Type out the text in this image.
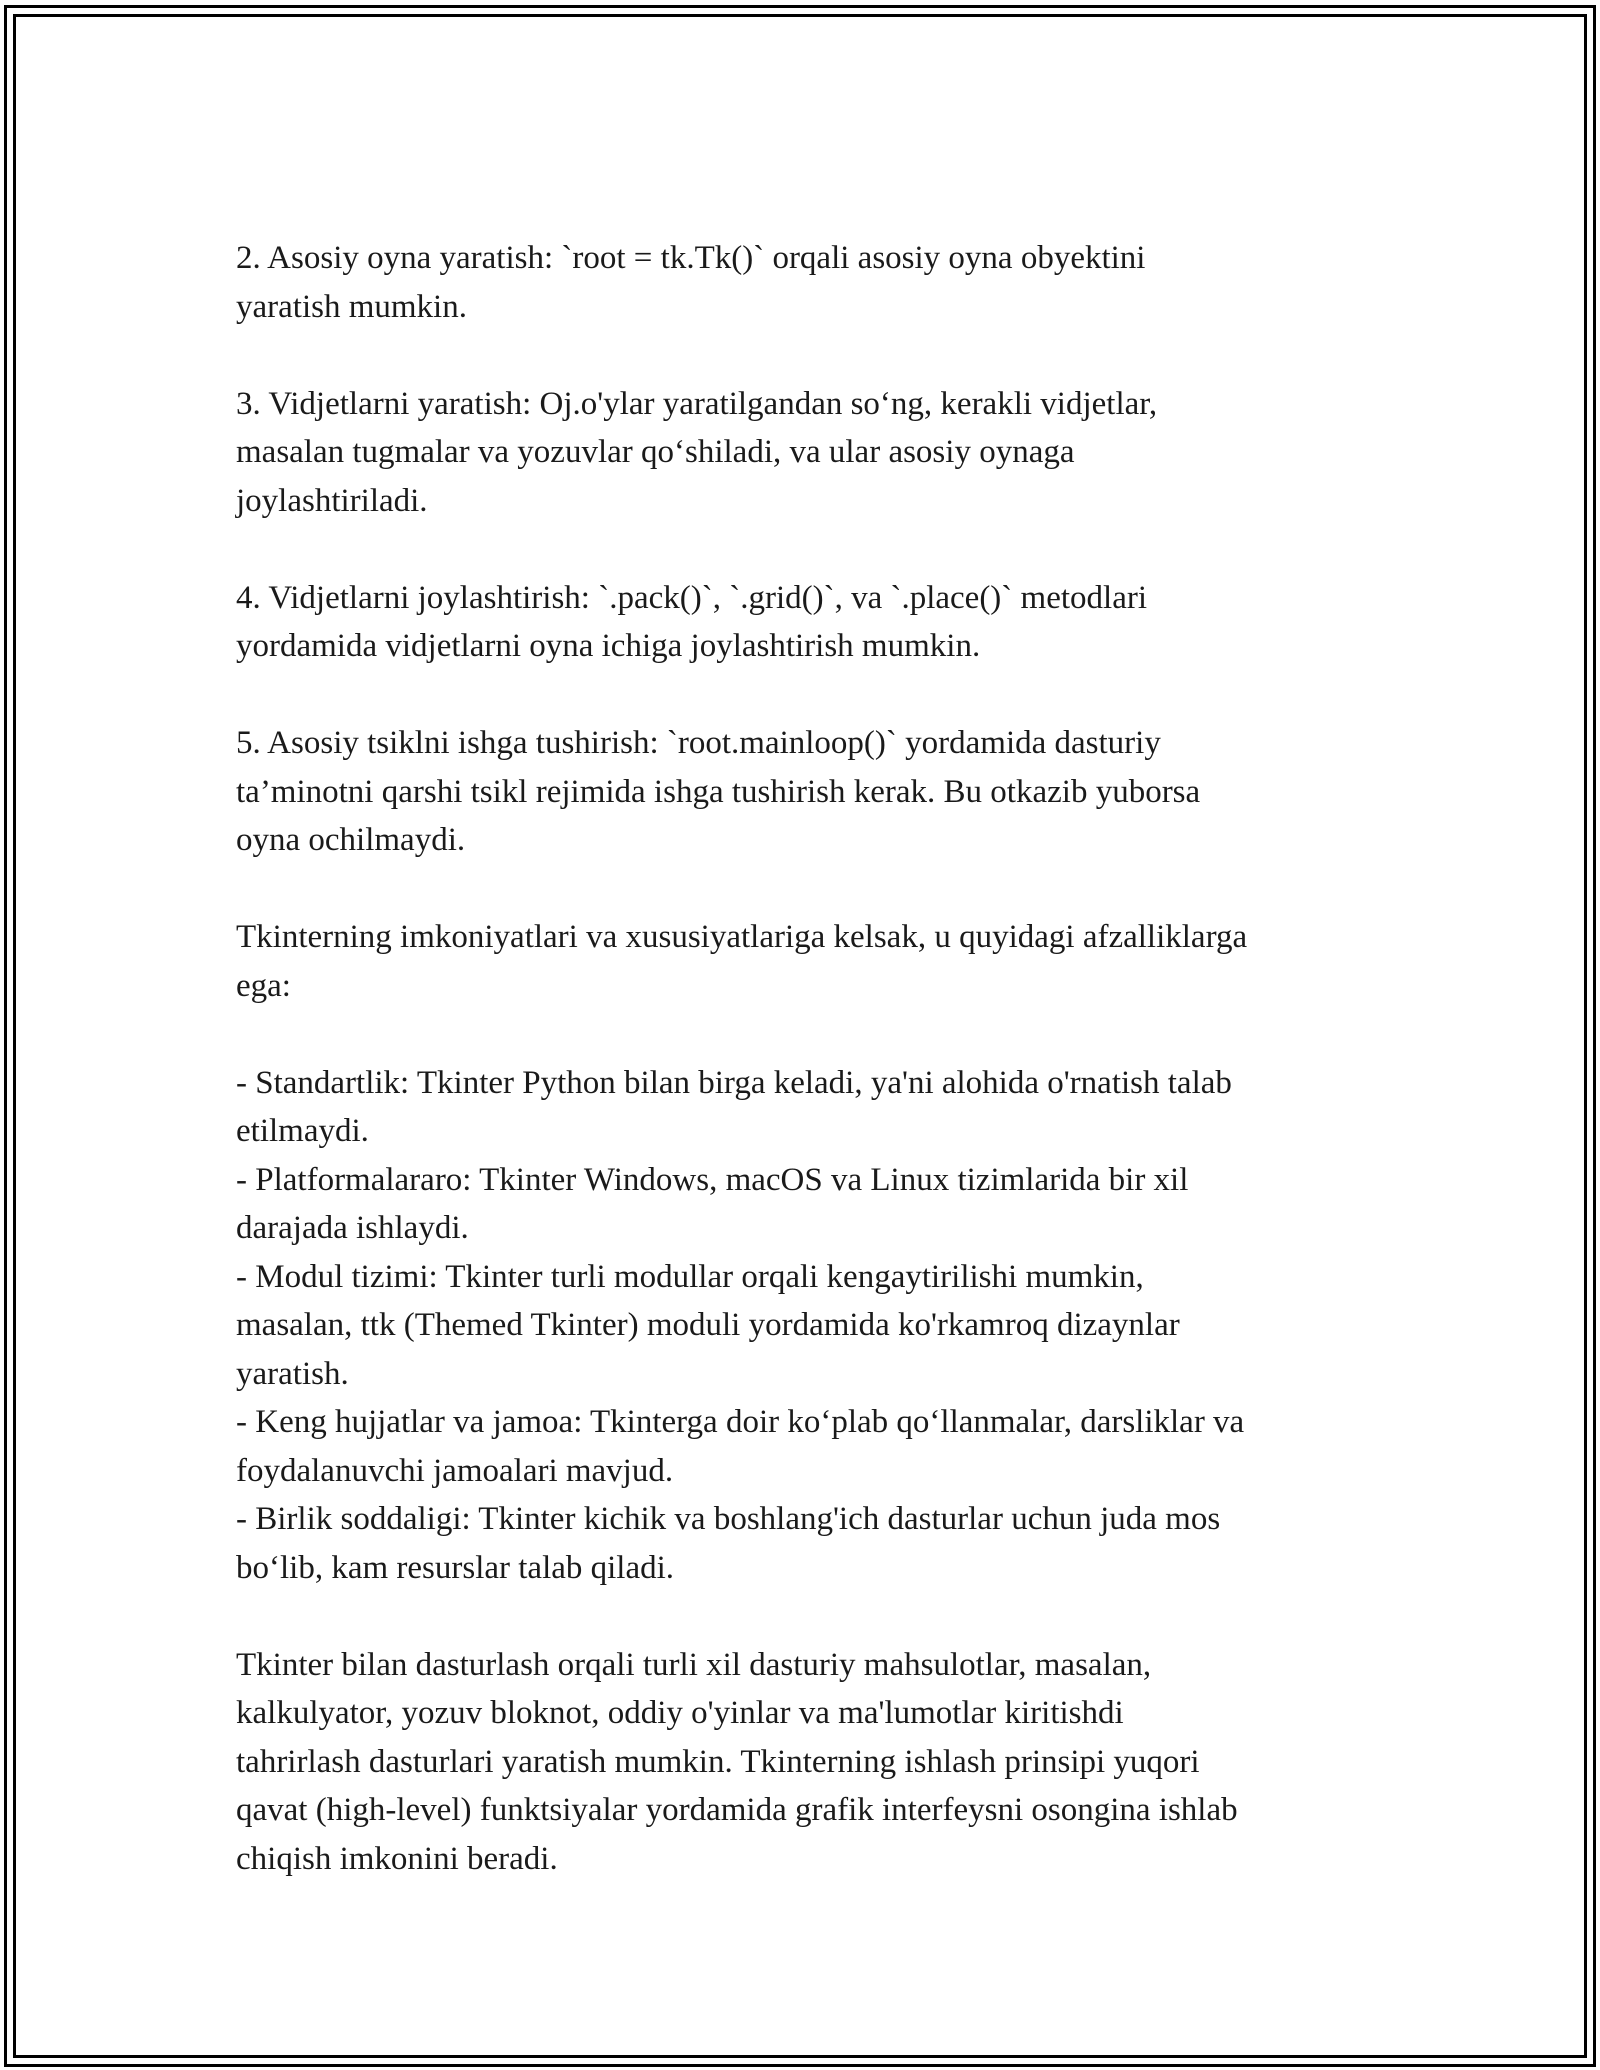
2. Asosiy oyna yaratish: `root = tk.Tk()` orqali asosiy oyna obyektini
yaratish mumkin.

3. Vidjetlarni yaratish: Oj.o'ylar yaratilgandan so‘ng, kerakli vidjetlar,
masalan tugmalar va yozuvlar qo‘shiladi, va ular asosiy oynaga
joylashtiriladi.

4. Vidjetlarni joylashtirish: `.pack()`, `.grid()`, va `.place()` metodlari
yordamida vidjetlarni oyna ichiga joylashtirish mumkin.

5. Asosiy tsiklni ishga tushirish: `root.mainloop()` yordamida dasturiy
ta’minotni qarshi tsikl rejimida ishga tushirish kerak. Bu otkazib yuborsa
oyna ochilmaydi.

Tkinterning imkoniyatlari va xususiyatlariga kelsak, u quyidagi afzalliklarga
ega:

- Standartlik: Tkinter Python bilan birga keladi, ya'ni alohida o'rnatish talab
etilmaydi.

- Platformalararo: Tkinter Windows, macOS va Linux tizimlarida bir xil
darajada ishlaydi.

- Modul tizimi: Tkinter turli modullar orqali kengaytirilishi mumkin,
masalan, ttk (Themed Tkinter) moduli yordamida ko'rkamroq dizaynlar
yaratish.

- Keng hujjatlar va jamoa: Tkinterga doir ko‘plab qo‘llanmalar, darsliklar va
foydalanuvchi jamoalari mavjud.

- Birlik soddaligi: Tkinter kichik va boshlang'ich dasturlar uchun juda mos
bo‘lib, kam resurslar talab qiladi.

Tkinter bilan dasturlash orqali turli xil dasturiy mahsulotlar, masalan,
kalkulyator, yozuv bloknot, oddiy o'yinlar va ma'lumotlar kiritishdi
tahrirlash dasturlari yaratish mumkin. Tkinterning ishlash prinsipi yuqori
qavat (high-level) funktsiyalar yordamida grafik interfeysni osongina ishlab
chiqish imkonini beradi.
